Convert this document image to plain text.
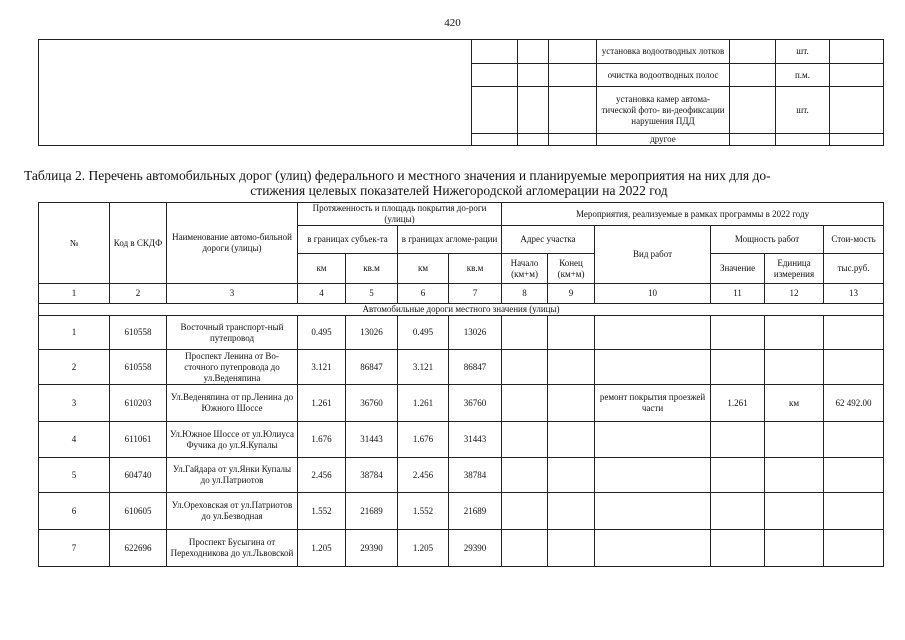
420
				установка водоотводных лотков		шт.	
				очистка водоотводных полос		п.м.	
				установка камер автома-тической фото- ви-деофиксации нарушения ПДД		шт.	
				другое			
Таблица 2. Перечень автомобильных дорог (улиц) федерального и местного значения и планируемые мероприятия на них для до-
стижения целевых показателей Нижегородской агломерации на 2022 год
№	Код в СКДФ	Наименование автомо-бильной дороги (улицы)	Протяженность и площадь покрытия до-роги (улицы)				Мероприятия, реализуемые в рамках программы в 2022 году					
			в границах субъек-та		в границах агломе-рации		Адрес участка		Вид работ	Мощность работ		Стои-мость
			км	кв.м	км	кв.м	Начало (км+м)	Конец (км+м)		Значение	Единица измерения	тыс.руб.
1	2	3	4	5	6	7	8	9	10	11	12	13
Автомобильные дороги местного значения (улицы)												
1	610558	Восточный транспорт-ный путепровод	0.495	13026	0.495	13026						
2	610558	Проспект Ленина от Во-сточного путепровода до ул.Веденяпина	3.121	86847	3.121	86847						
3	610203	Ул.Веденяпина от пр.Ленина до Южного Шоссе	1.261	36760	1.261	36760			ремонт покрытия проезжей части	1.261	км	62 492.00
4	611061	Ул.Южное Шоссе от ул.Юлиуса Фучика до ул.Я.Купалы	1.676	31443	1.676	31443						
5	604740	Ул.Гайдара от ул.Янки Купалы до ул.Патриотов	2.456	38784	2.456	38784						
6	610605	Ул.Ореховская от ул.Патриотов до ул.Безводная	1.552	21689	1.552	21689						
7	622696	Проспект Бусыгина от Переходникова до ул.Львовской	1.205	29390	1.205	29390						
